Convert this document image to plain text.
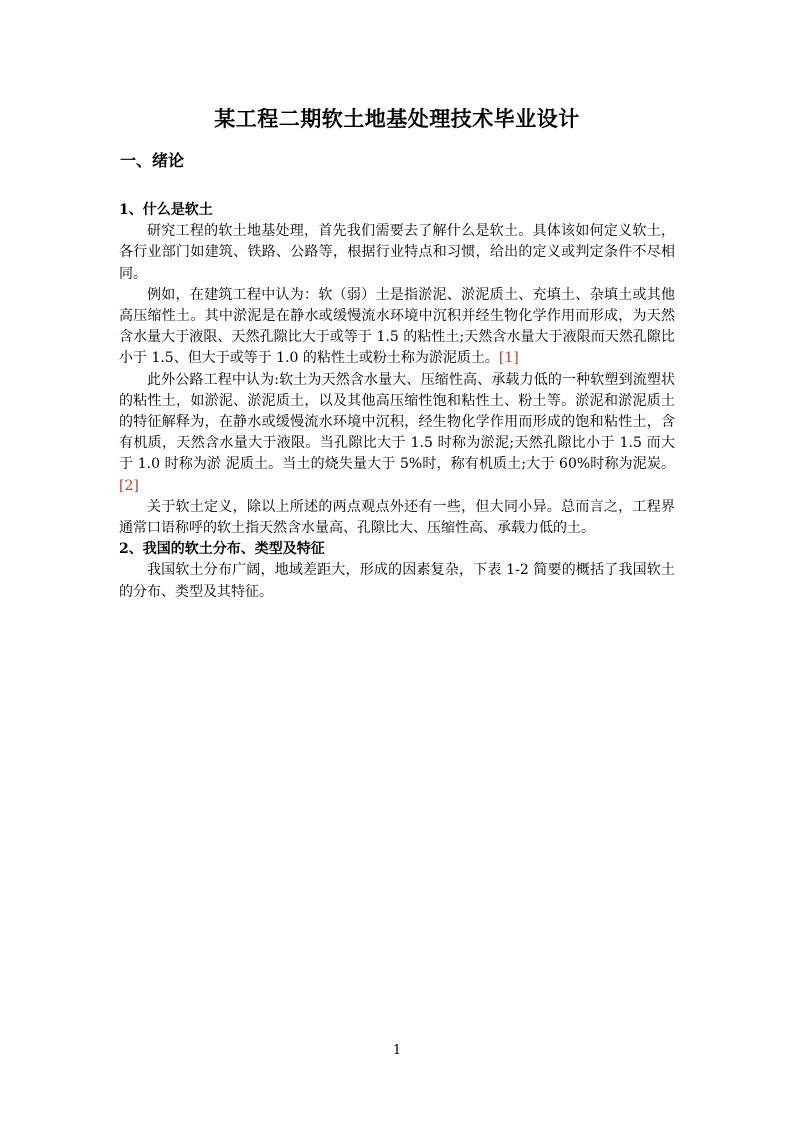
某工程二期软土地基处理技术毕业设计
一、绪论

1、什么是软土

研究工程的软土地基处理，首先我们需要去了解什么是软土。具体该如何定义软土，各行业部门如建筑、铁路、公路等，根据行业特点和习惯，给出的定义或判定条件不尽相同。

例如，在建筑工程中认为：软（弱）土是指淤泥、淤泥质土、充填土、杂填土或其他高压缩性土。其中淤泥是在静水或缓慢流水环境中沉积并经生物化学作用而形成，为天然含水量大于液限、天然孔隙比大于或等于 1.5 的粘性土;天然含水量大于液限而天然孔隙比小于 1.5、但大于或等于 1.0 的粘性土或粉土称为淤泥质土。[1]

此外公路工程中认为:软土为天然含水量大、压缩性高、承载力低的一种软塑到流塑状的粘性土，如淤泥、淤泥质土，以及其他高压缩性饱和粘性土、粉土等。淤泥和淤泥质土的特征解释为，在静水或缓慢流水环境中沉积，经生物化学作用而形成的饱和粘性土，含有机质，天然含水量大于液限。当孔隙比大于 1.5 时称为淤泥;天然孔隙比小于 1.5 而大于 1.0 时称为淤 泥质土。当土的烧失量大于 5%时，称有机质土;大于 60%时称为泥炭。[2]

关于软土定义，除以上所述的两点观点外还有一些，但大同小异。总而言之，工程界通常口语称呼的软土指天然含水量高、孔隙比大、压缩性高、承载力低的土。

2、我国的软土分布、类型及特征

我国软土分布广阔，地域差距大，形成的因素复杂，下表 1-2 简要的概括了我国软土的分布、类型及其特征。

1
